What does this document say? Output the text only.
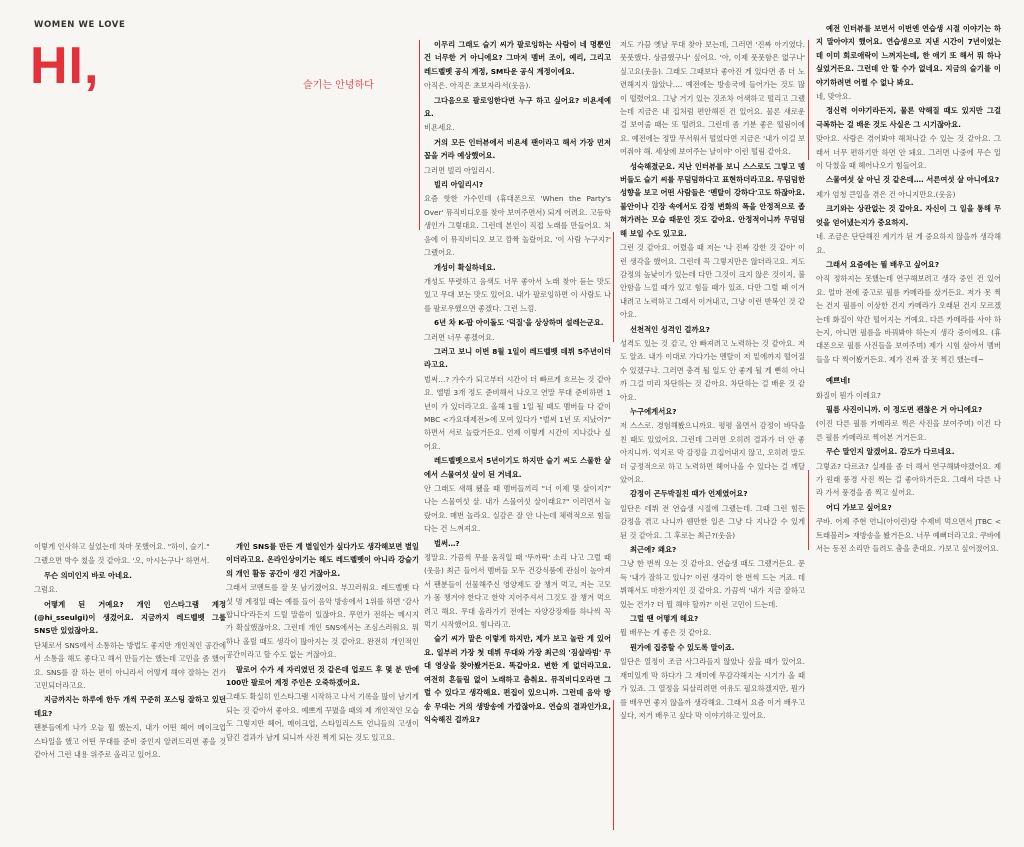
WOMEN WE LOVE
HI,	슬기는 안녕하다

이렇게 인사하고 싶었는데 차마 못했어요. "하이, 슬기."

그랬으면 박수 쳤을 것 같아요. '오, 아시는구나' 하면서.

무슨 의미인지 바로 아네요.

그럼요.

어떻게 된 거예요? 개인 인스타그램 계정(@hi_sseulgi)이 생겼어요. 지금까지 레드벨벳 그룹 SNS만 있었잖아요.

단체로서 SNS에서 소통하는 방법도 좋지만 개인적인 공간에서 소통을 해도 좋다고 해서 만들기는 했는데 고민을 좀 했어요. SNS를 잘 하는 편이 아니라서 어떻게 해야 잘하는 건가 고민되더라고요.

지금까지는 하루에 한두 개씩 꾸준히 포스팅 잘하고 있던데요?

팬분들에게 나가 오늘 뭘 했는지, 내가 어떤 헤어 메이크업 스타일을 했고 어떤 무대를 준비 중인지 알려드리면 좋을 것 같아서 그런 내용 위주로 올리고 있어요.

개인 SNS를 만든 게 별일인가 싶다가도 생각해보면 별일이더라고요. 온라인상이기는 해도 레드벨벳이 아니라 강슬기의 개인 활동 공간이 생긴 거잖아요.

그래서 코멘트를 잘 못 남기겠어요. 부끄러워요. 레드벨벳 다섯 명 계정일 때는 예를 들어 음악 방송에서 1위를 하면 '감사합니다'라든지 드릴 말씀이 있잖아요. 무언가 전하는 메시지가 확실했잖아요. 그런데 개인 SNS에서는 조심스러워요. 뭐 하나 올릴 때도 생각이 많아지는 것 같아요. 완전히 개인적인 공간이라고 할 수도 없는 거잖아요.

팔로어 수가 세 자리였던 것 같은데 업로드 후 몇 분 만에 100만 팔로어 계정 주인은 오죽하겠어요.

그래도 확실히 인스타그램 시작하고 나서 기록을 많이 남기게 되는 것 같아서 좋아요. 예쁘게 꾸몄을 때의 제 개인적인 모습도 그렇지만 헤어, 메이크업, 스타일리스트 언니들의 고생이 담긴 결과가 남게 되니까 사진 찍게 되는 것도 있고요.

이무리 그래도 슬기 씨가 팔로잉하는 사람이 네 명뿐인 건 너무한 거 아니에요? 그마저 멤버 조이, 예리, 그리고 레드벨벳 공식 계정, SM타운 공식 계정이에요.

아직은. 아직은 초보자라서(웃음).

그다음으로 팔로잉한다면 누구 하고 싶어요? 비욘세예요.

비욘세요.

거의 모든 인터뷰에서 비욘세 팬이라고 해서 가장 먼저 꼽을 거라 예상했어요.

그러면 빌리 아일리시.

빌리 아일리시?

요즘 핫한 가수인데 (휴대폰으로 'When the Party's Over' 뮤직비디오를 찾아 보여주면서) 되게 어려요. 고등학생인가 그렇대요. 그런데 본인이 직접 노래를 만들어요. 처음에 이 뮤직비디오 보고 깜짝 놀랐어요. '이 사람 누구지?' 그랬어요.

개성이 확실하네요.

개성도 뚜렷하고 음색도 너무 좋아서 노래 찾아 듣는 맛도 있고 무대 보는 맛도 있어요. 내가 팔로잉하면 이 사람도 나를 팔로우했으면 좋겠다. 그런 느낌.

6년 차 K-팝 아이돌도 '덕질'을 상상하며 설레는군요.

그러면 너무 좋겠어요.

그러고 보니 이번 8월 1일이 레드벨벳 데뷔 5주년이더라고요.

벌써…? 가수가 되고부터 시간이 더 빠르게 흐르는 것 같아요. 앨범 3개 정도 준비해서 나오고 연말 무대 준비하면 1년이 가 있더라고요. 올해 1월 1일 될 때도 멤버들 다 같이 MBC <가요대제전>에 모여 있다가 "벌써 1년 또 지났어?" 하면서 서로 놀랐거든요. 언제 이렇게 시간이 지나갔나 싶어요.

레드벨벳으로서 5년이기도 하지만 슬기 씨도 스물한 살에서 스물여섯 살이 된 거네요.

안 그래도 새해 됐을 때 멤버들끼리 "너 이제 몇 살이지?" 나는 스물여섯 살. 내가 스물여섯 살이래요?" 이러면서 놀랐어요. 매번 놀라요. 실감은 잘 안 나는데 체력적으로 힘들다는 건 느껴져요.

벌써…?

정말요. 가끔씩 무릎 움직일 때 '뚜까딱' 소리 나고 그럴 때(웃음) 최근 들어서 멤버들 모두 건강식품에 관심이 높아져서 팬분들이 선물해주신 영양제도 잘 챙겨 먹고, 저는 고모가 몸 챙겨야 한다고 한약 지어주셔서 그것도 잘 챙겨 먹으려고 해요. 무대 올라가기 전에는 자양강장제를 하나씩 꼭 먹기 시작했어요. 힘나라고.

슬기 씨가 말은 이렇게 하지만, 제가 보고 놀란 게 있어요. 일부러 가장 첫 데뷔 무대와 가장 최근의 '짐살라빔' 무대 영상을 찾아봤거든요. 똑같아요. 변한 게 없더라고요. 여전히 흔들림 없이 노래하고 춤춰요. 뮤직비디오라면 그럴 수 있다고 생각해요. 편집이 있으니까. 그런데 음악 방송 무대는 거의 생방송에 가깝잖아요. 연습의 결과인가요, 익숙해진 걸까요?

저도 가끔 옛날 무대 찾아 보는데, 그러면 '진짜 아기였다. 풋풋했다. 상큼했구나' 싶어요. '아, 이제 풋풋함은 없구나' 싶고요(웃음). 그래도 그때보다 좋아진 게 있다면 좀 더 노련해지지 않았나…. 예전에는 방송국에 들어가는 것도 많이 떨렸어요. 그냥 거기 있는 것조차 어색하고 떨리고 그랬는데 지금은 내 집처럼 편안해진 건 있어요. 물론 새로운 걸 보여줄 때는 또 떨려요. 그런데 좀 기분 좋은 떨림이에요. 예전에는 정말 무서워서 떨었다면 지금은 '내가 이걸 보여줘야 해. 세상에 보여주는 날이야' 이런 떨림 같아요.

성숙해졌군요. 지난 인터뷰를 보니 스스로도 그렇고 멤버들도 슬기 씨를 무덤덤하다고 표현하더라고요. 무덤덤한 성향을 보고 어떤 사람들은 '멘탈이 강하다'고도 하잖아요. 불안이나 긴장 속에서도 감정 변화의 폭을 안정적으로 좁혀가려는 모습 때문인 것도 같아요. 안정적이니까 무덤덤해 보일 수도 있고요.

그런 것 같아요. 어렸을 때 저는 '나 진짜 강한 것 같아' 이런 생각을 했어요. 그런데 꼭 그렇지만은 않더라고요. 저도 감정의 높낮이가 있는데 다만 그것이 크지 않은 것이지, 불안함을 느낄 때가 있고 힘들 때가 있죠. 다만 그럴 때 이겨내려고 노력하고 그래서 이겨내고, 그냥 이런 반복인 것 같아요.

선천적인 성격인 걸까요?

성격도 있는 것 같고, 안 빠져려고 노력하는 것 같아요. 저도 알죠. 내가 이대로 가다가는 멘탈이 저 밑에까지 떨어질 수 있겠구나. 그러면 충격 될 일도 안 좋게 될 게 뻔히 아니까 그걸 미리 차단하는 것 같아요. 차단하는 걸 배운 것 같아요.

누구에게서요?

저 스스로. 경험해봤으니까요. 평평 울면서 감정이 바닥을 친 때도 있었어요. 그런데 그러면 오히려 결과가 더 안 좋아지니까. 억지로 막 감정을 끄집어내지 않고, 오히려 말도 더 긍정적으로 하고 노력하면 헤어나올 수 있다는 걸 깨달았어요.

감정이 곤두박질친 때가 언제였어요?

일단은 데뷔 전 연습생 시절에 그랬는데. 그때 그런 힘든 감정을 겪고 나니까 웬만한 일은 그냥 다 지나갈 수 있게 된 것 같아요. 그 후로는 최근?(웃음)

최근에? 왜요?

그냥 한 번씩 오는 것 같아요. 연습생 때도 그랬거든요. 문득 '내가 잘하고 있나?' 이런 생각이 한 번씩 드는 거죠. 데뷔해서도 마찬가지인 것 같아요. 가끔씩 '내가 지금 잘하고 있는 건가? 더 뭘 해야 할까?' 이런 고민이 드는데.

그럴 땐 어떻게 해요?

뭘 배우는 게 좋은 것 같아요.

뭔가에 집중할 수 있도록 말이죠.

일단은 열정이 조금 사그라들지 않았나 싶을 때가 있어요. 재미있게 막 하다가 그 재미에 무감각해지는 시기가 올 때가 있죠. 그 열정을 되살리려면 여유도 필요하겠지만, 뭔가를 배우면 좋지 않을까 생각해요. 그래서 요즘 이거 배우고 싶다, 저거 배우고 싶다 막 이야기하고 있어요.

예전 인터뷰를 보면서 이번엔 연습생 시절 이야기는 하지 말아야지 했어요. 연습생으로 지낸 시간이 7년이었는데 이미 회로애락이 느껴지는데, 한 애기 또 해서 뭐 하나 싶었거든요. 그런데 안 할 수가 없네요. 지금의 슬기를 이야기하려면 어쩔 수 없나 봐요.

네, 맞아요.

정신력 이야기라든지, 물론 약해질 때도 있지만 그걸 극복하는 걸 배운 것도 사실은 그 시기잖아요.

맞아요. 사람은 겪어봐야 해쳐나갈 수 있는 것 같아요. 그래서 너무 편하기만 하면 안 돼요. 그러면 나중에 무슨 일이 닥쳤을 때 헤어나오기 힘들어요.

스물여섯 살 아닌 것 같은데…. 서른여섯 살 아니에요?

제가 엄청 큰일을 겪은 건 아니지만요.(웃음)

크기와는 상관없는 것 같아요. 자신이 그 일을 통해 무엇을 얻어냈는지가 중요하지.

네. 조금은 단단해진 계기가 된 게 중요하지 않을까 생각해요.

그래서 요즘에는 뭘 배우고 싶어요?

아직 정하지는 못했는데 연구해보려고 생각 중인 건 있어요. 얼마 전에 중고로 필름 카메라를 샀거든요. 저가 못 찍는 건지 필름이 이상한 건지 카메라가 오래된 건지 모르겠는데 화질이 약간 떨어지는 거예요. 다른 카메라를 사야 하는지, 아니면 필름을 바꿔봐야 하는지 생각 중이에요. (휴대폰으로 필름 사진들을 보여주며) 제가 시험 삼아서 멤버들을 다 찍어봤거든요. 제가 진짜 잘 못 찍긴 했는데~

예쁘네!

화질이 뭔가 이레요?

필름 사진이니까. 이 정도면 괜찮은 거 아니에요?

(이진 다른 필름 카메라로 찍은 사진을 보여주며) 이건 다른 필름 카메라로 찍어본 거거든요.

무슨 말인지 알겠어요. 감도가 다르네요.

그렇죠? 다르죠? 실제를 좀 더 해서 연구해봐야겠어요. 제가 원래 풍경 사진 찍는 걸 좋아하거든요. 그래서 다른 나라 가서 풍경을 좀 찍고 싶어요.

어디 가보고 싶어요?

쿠바. 어제 주현 언니(아이린)랑 수제비 먹으면서 JTBC <트래블러> 재방송을 봤거든요. 너무 예뻐더라고요. 쿠바에서는 동전 소리만 들려도 춤을 춘대요. 가보고 싶어졌어요.
